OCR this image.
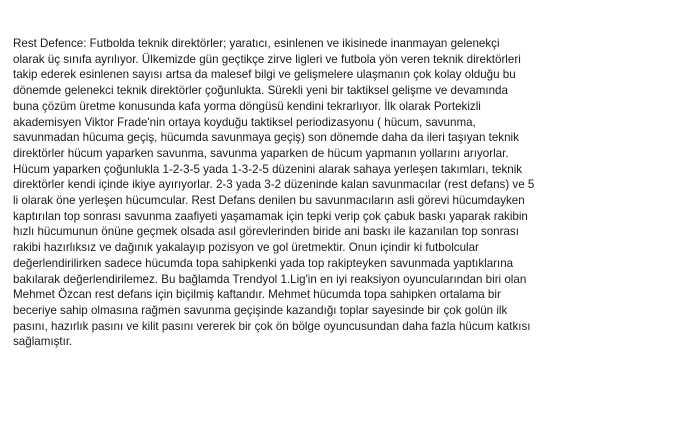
Rest Defence: Futbolda teknik direktörler; yaratıcı, esinlenen ve ikisinede inanmayan gelenekçi
olarak üç sınıfa ayrılıyor. Ülkemizde gün geçtikçe zirve ligleri ve futbola yön veren teknik direktörleri
takip ederek esinlenen sayısı artsa da malesef bilgi ve gelişmelere ulaşmanın çok kolay olduğu bu
dönemde gelenekci teknik direktörler çoğunlukta. Sürekli yeni bir taktiksel gelişme ve devamında
buna çözüm üretme konusunda kafa yorma döngüsü kendini tekrarlıyor. İlk olarak Portekizli
akademisyen Viktor Frade'nin ortaya koyduğu taktiksel periodizasyonu ( hücum, savunma,
savunmadan hücuma geçiş, hücumda savunmaya geçiş) son dönemde daha da ileri taşıyan teknik
direktörler hücum yaparken savunma, savunma yaparken de hücum yapmanın yollarını arıyorlar.
Hücum yaparken çoğunlukla 1-2-3-5 yada 1-3-2-5 düzenini alarak sahaya yerleşen takımları, teknik
direktörler kendi içinde ikiye ayırıyorlar. 2-3 yada 3-2 düzeninde kalan savunmacılar (rest defans) ve 5
li olarak öne yerleşen hücumcular. Rest Defans denilen bu savunmacıların asli görevi hücumdayken
kaptırılan top sonrası savunma zaafiyeti yaşamamak için tepki verip çok çabuk baskı yaparak rakibin
hızlı hücumunun önüne geçmek olsada asıl görevlerinden biride ani baskı ile kazanılan top sonrası
rakibi hazırlıksız ve dağınık yakalayıp pozisyon ve gol üretmektir. Onun içindir ki futbolcular
değerlendirilirken sadece hücumda topa sahipkenki yada top rakipteyken savunmada yaptıklarına
bakılarak değerlendirilemez. Bu bağlamda Trendyol 1.Lig'in en iyi reaksiyon oyuncularından biri olan
Mehmet Özcan rest defans için biçilmiş kaftandır. Mehmet hücumda topa sahipken ortalama bir
beceriye sahip olmasına rağmen savunma geçişinde kazandığı toplar sayesinde bir çok golün ilk
pasını, hazırlık pasını ve kilit pasını vererek bir çok ön bölge oyuncusundan daha fazla hücum katkısı
sağlamıştır.
